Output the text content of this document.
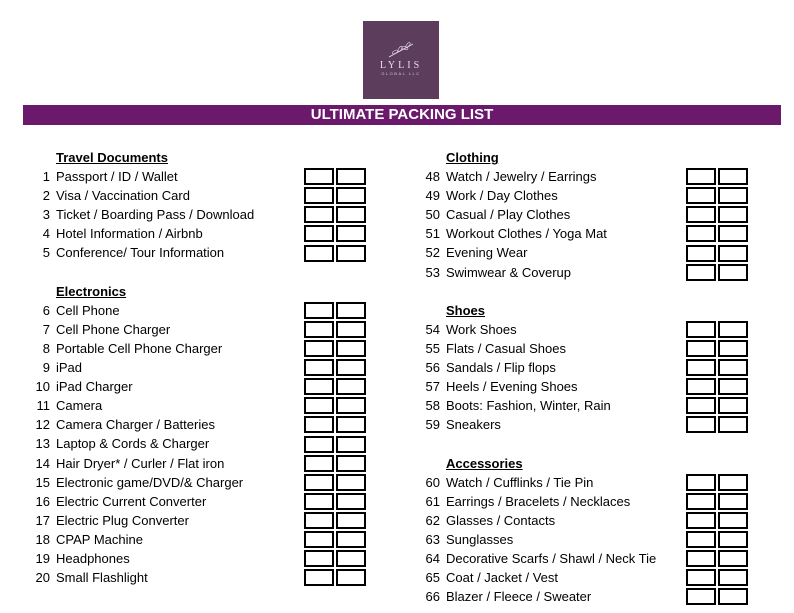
LYLIS
GLOBAL LLC
ULTIMATE PACKING LIST
Travel Documents
1 Passport / ID / Wallet
2 Visa / Vaccination Card
3 Ticket / Boarding Pass / Download
4 Hotel Information / Airbnb
5 Conference/ Tour Information
Electronics
6 Cell Phone
7 Cell Phone Charger
8 Portable Cell Phone Charger
9 iPad
10 iPad Charger
11 Camera
12 Camera Charger / Batteries
13 Laptop & Cords & Charger
14 Hair Dryer* / Curler / Flat iron
15 Electronic game/DVD/& Charger
16 Electric Current Converter
17 Electric Plug Converter
18 CPAP Machine
19 Headphones
20 Small Flashlight
Clothing
48 Watch / Jewelry / Earrings
49 Work / Day Clothes
50 Casual / Play Clothes
51 Workout Clothes / Yoga Mat
52 Evening Wear
53 Swimwear & Coverup
Shoes
54 Work Shoes
55 Flats / Casual Shoes
56 Sandals / Flip flops
57 Heels / Evening Shoes
58 Boots: Fashion, Winter, Rain
59 Sneakers
Accessories
60 Watch / Cufflinks / Tie Pin
61 Earrings / Bracelets / Necklaces
62 Glasses / Contacts
63 Sunglasses
64 Decorative Scarfs / Shawl / Neck Tie
65 Coat / Jacket / Vest
66 Blazer / Fleece / Sweater
